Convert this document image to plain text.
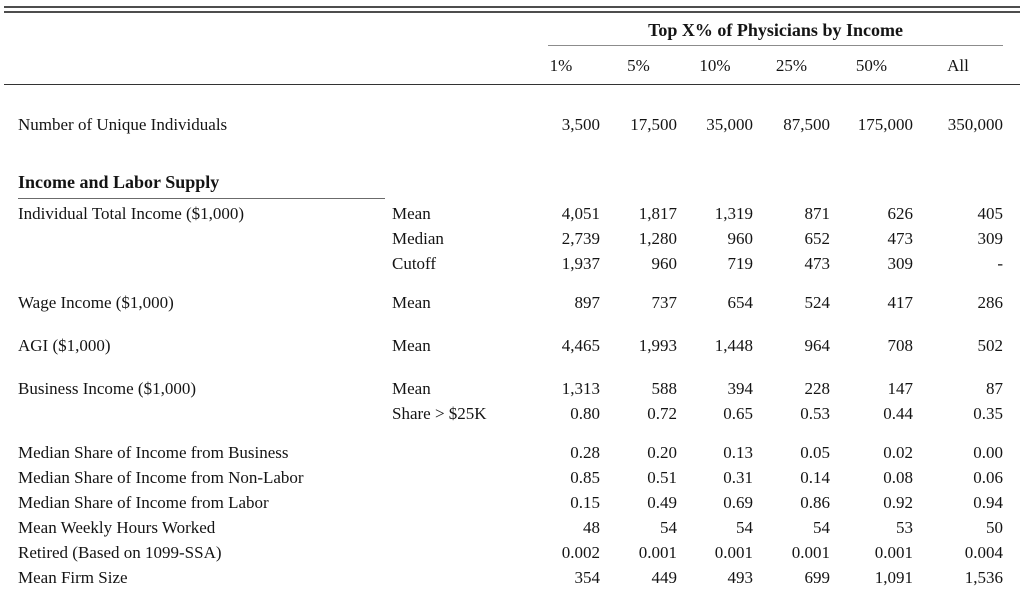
		Top X% of Physicians by Income					

		1%	5%	10%	25%	50%	All

Number of Unique Individuals		3,500	17,500	35,000	87,500	175,000	350,000

Income and Labor Supply							

Individual Total Income ($1,000)	Mean	4,051	1,817	1,319	871	626	405
	Median	2,739	1,280	960	652	473	309
	Cutoff	1,937	960	719	473	309	-

Wage Income ($1,000)	Mean	897	737	654	524	417	286

AGI ($1,000)	Mean	4,465	1,993	1,448	964	708	502

Business Income ($1,000)	Mean	1,313	588	394	228	147	87
	Share > $25K	0.80	0.72	0.65	0.53	0.44	0.35

Median Share of Income from Business		0.28	0.20	0.13	0.05	0.02	0.00
Median Share of Income from Non-Labor		0.85	0.51	0.31	0.14	0.08	0.06
Median Share of Income from Labor		0.15	0.49	0.69	0.86	0.92	0.94
Mean Weekly Hours Worked		48	54	54	54	53	50
Retired (Based on 1099-SSA)		0.002	0.001	0.001	0.001	0.001	0.004
Mean Firm Size		354	449	493	699	1,091	1,536
